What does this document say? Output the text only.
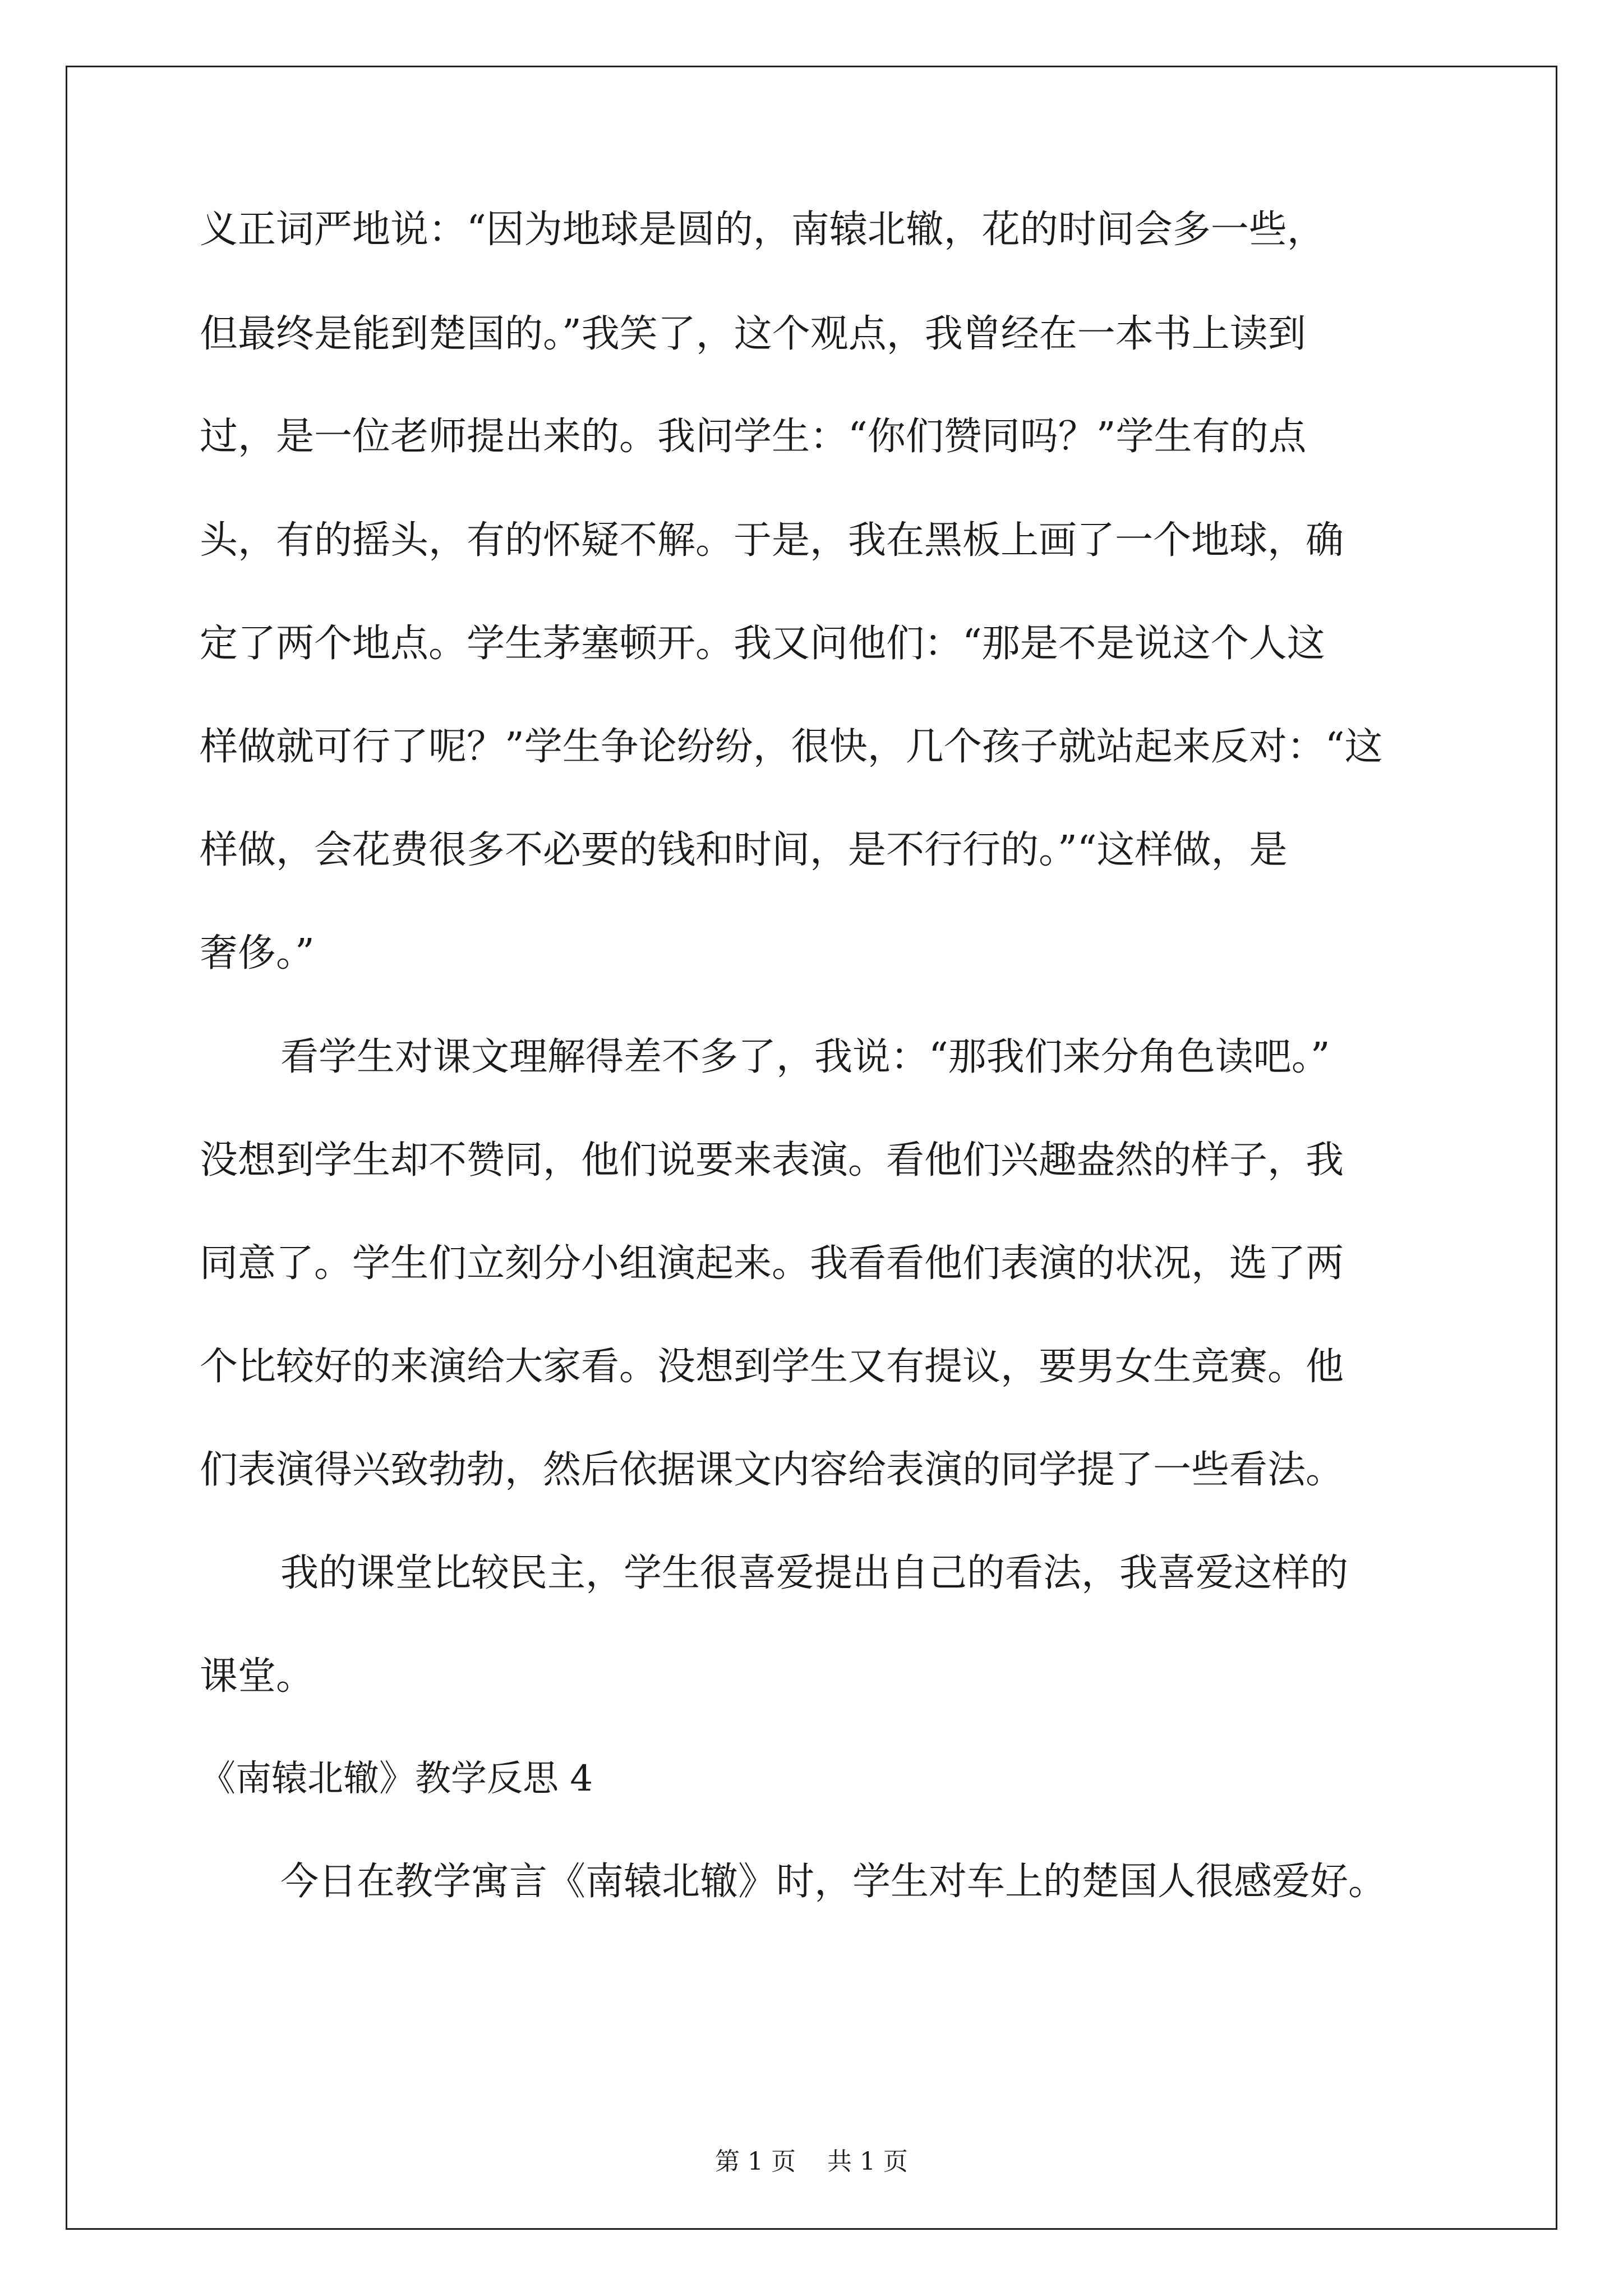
义正词严地说：“因为地球是圆的，南辕北辙，花的时间会多一些，
但最终是能到楚国的。”我笑了，这个观点，我曾经在一本书上读到
过，是一位老师提出来的。我问学生：“你们赞同吗？”学生有的点
头，有的摇头，有的怀疑不解。于是，我在黑板上画了一个地球，确
定了两个地点。学生茅塞顿开。我又问他们：“那是不是说这个人这
样做就可行了呢？”学生争论纷纷，很快，几个孩子就站起来反对：“这
样做，会花费很多不必要的钱和时间，是不行行的。”“这样做，是
奢侈。”
看学生对课文理解得差不多了，我说：“那我们来分角色读吧。”
没想到学生却不赞同，他们说要来表演。看他们兴趣盎然的样子，我
同意了。学生们立刻分小组演起来。我看看他们表演的状况，选了两
个比较好的来演给大家看。没想到学生又有提议，要男女生竞赛。他
们表演得兴致勃勃，然后依据课文内容给表演的同学提了一些看法。
我的课堂比较民主，学生很喜爱提出自己的看法，我喜爱这样的
课堂。
《南辕北辙》教学反思 4
今日在教学寓言《南辕北辙》时，学生对车上的楚国人很感爱好。
第 1 页    共 1 页
